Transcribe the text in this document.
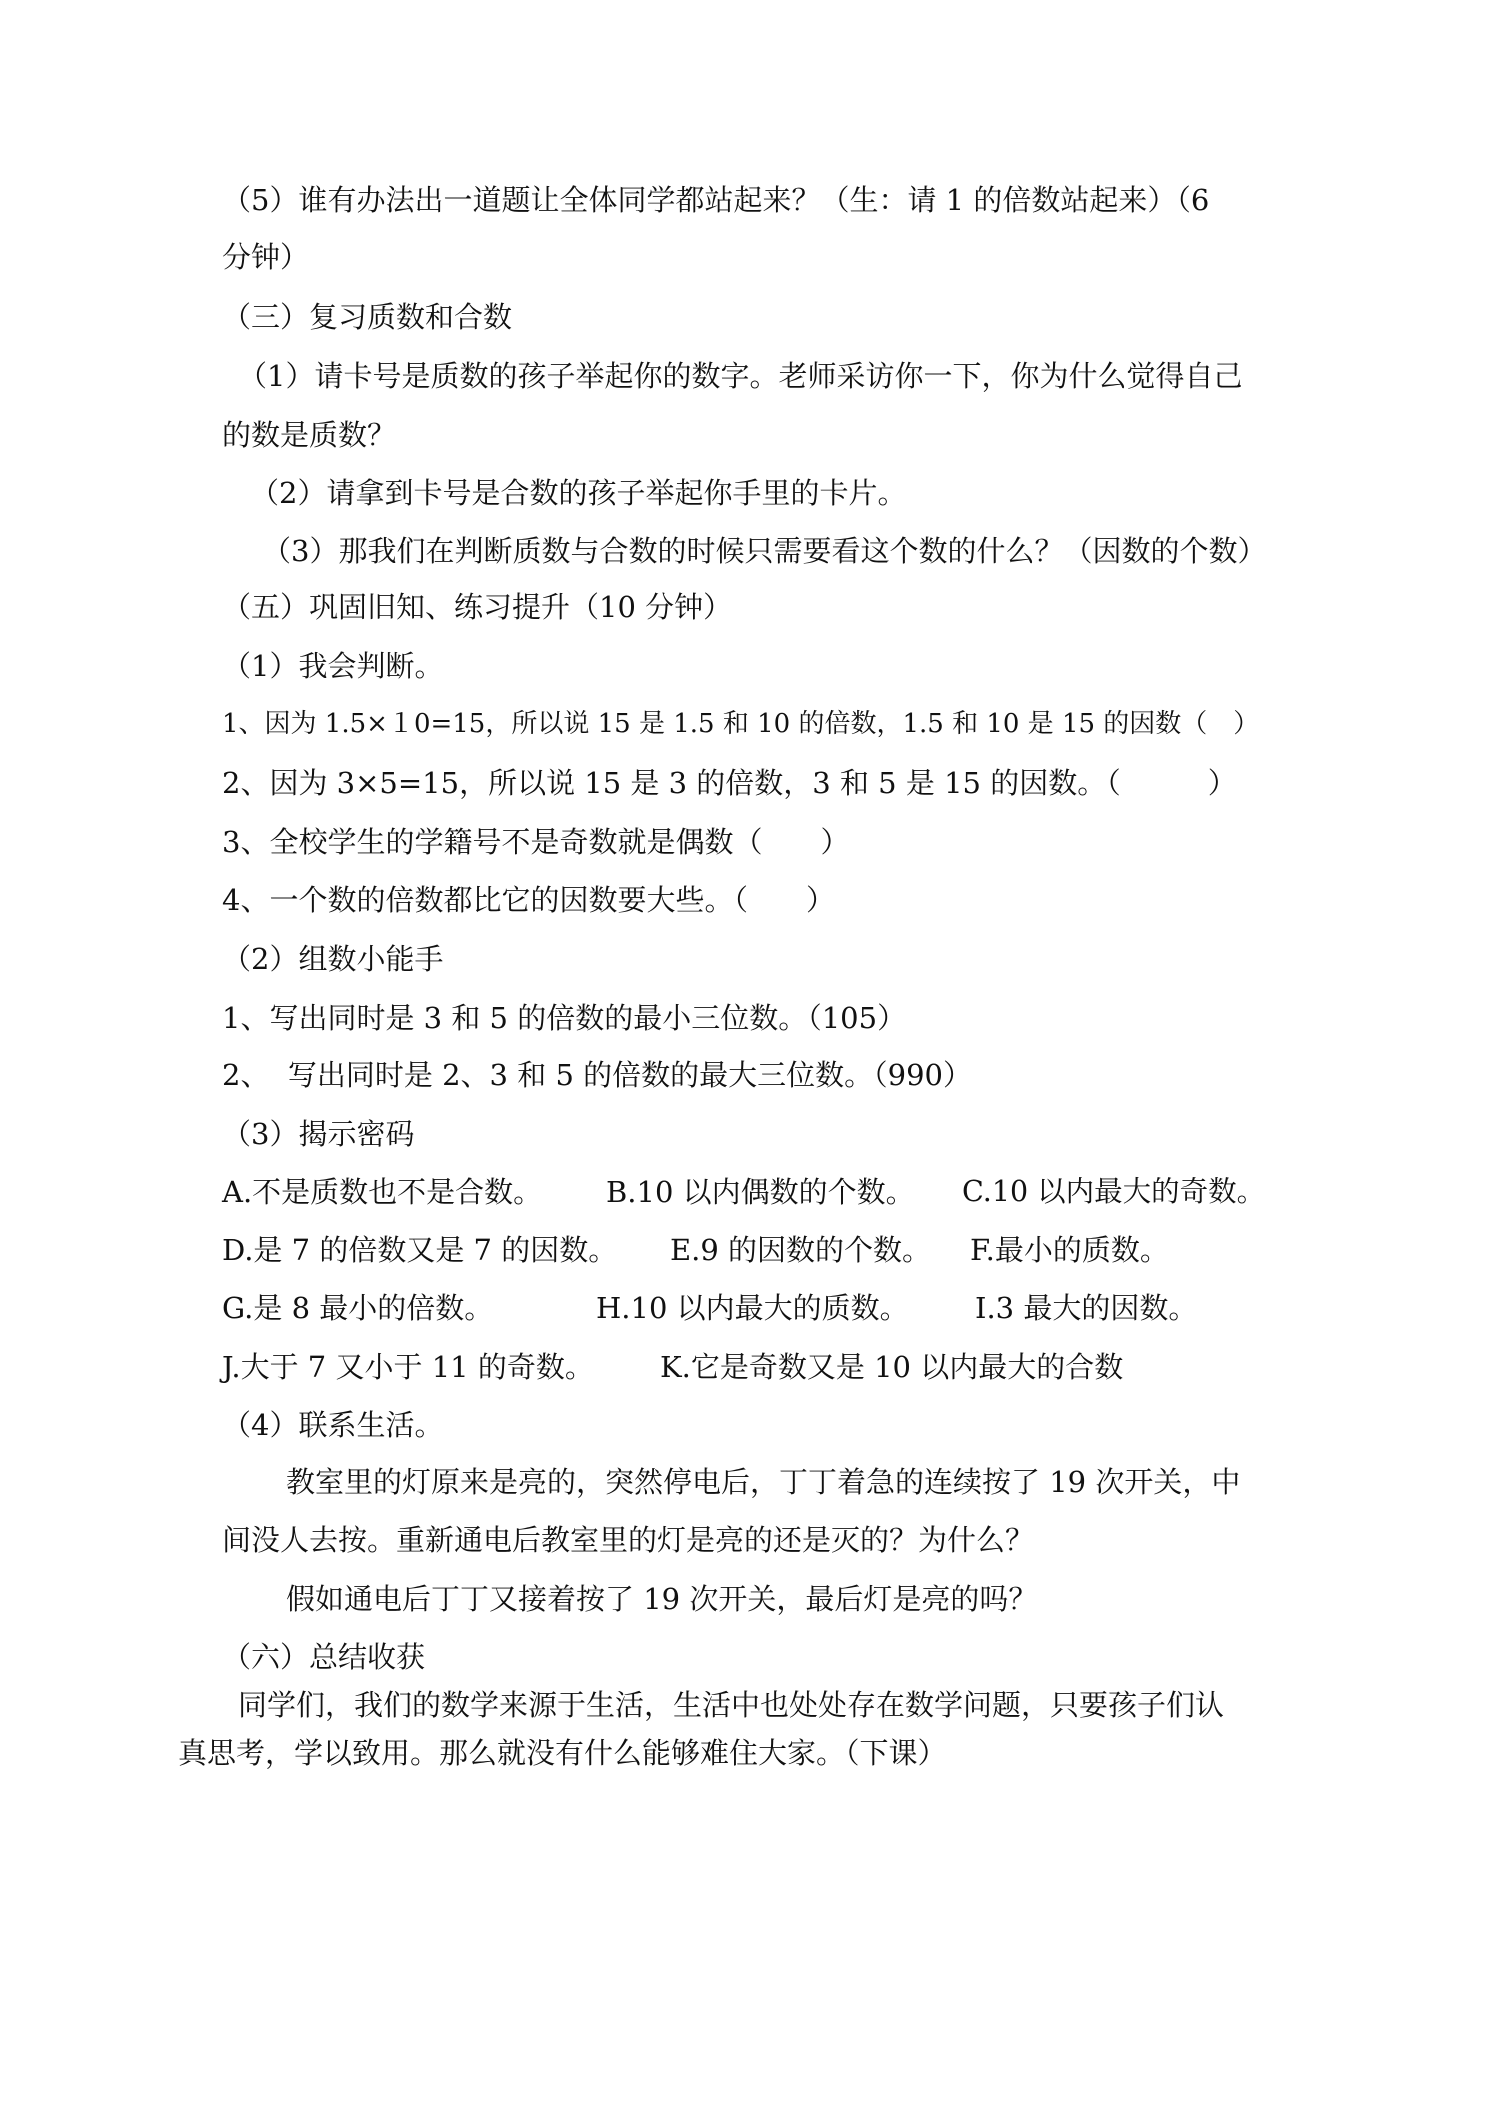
（5）谁有办法出一道题让全体同学都站起来？（生：请 1 的倍数站起来）（6

分钟）

（三）复习质数和合数

（1）请卡号是质数的孩子举起你的数字。老师采访你一下，你为什么觉得自己

的数是质数？

（2）请拿到卡号是合数的孩子举起你手里的卡片。

（3）那我们在判断质数与合数的时候只需要看这个数的什么？（因数的个数）

（五）巩固旧知、练习提升（10 分钟）

（1）我会判断。

1、因为 1.5×１0=15，所以说 15 是 1.5 和 10 的倍数，1.5 和 10 是 15 的因数（　）

2、因为 3×5=15，所以说 15 是 3 的倍数，3 和 5 是 15 的因数。（　　　）

3、全校学生的学籍号不是奇数就是偶数（　　）

4、一个数的倍数都比它的因数要大些。（　　）

（2）组数小能手

1、写出同时是 3 和 5 的倍数的最小三位数。（105）

2、  写出同时是 2、3 和 5 的倍数的最大三位数。（990）

（3）揭示密码

A.不是质数也不是合数。 B.10 以内偶数的个数。 C.10 以内最大的奇数。
D.是 7 的倍数又是 7 的因数。 E.9 的因数的个数。 F.最小的质数。
G.是 8 最小的倍数。	H.10 以内最大的质数。 I.3 最大的因数。
J.大于 7 又小于 11 的奇数。 K.它是奇数又是 10 以内最大的合数

（4）联系生活。

教室里的灯原来是亮的，突然停电后，丁丁着急的连续按了 19 次开关，中

间没人去按。重新通电后教室里的灯是亮的还是灭的？为什么？

假如通电后丁丁又接着按了 19 次开关，最后灯是亮的吗？

（六）总结收获

同学们，我们的数学来源于生活，生活中也处处存在数学问题，只要孩子们认

真思考，学以致用。那么就没有什么能够难住大家。（下课）
